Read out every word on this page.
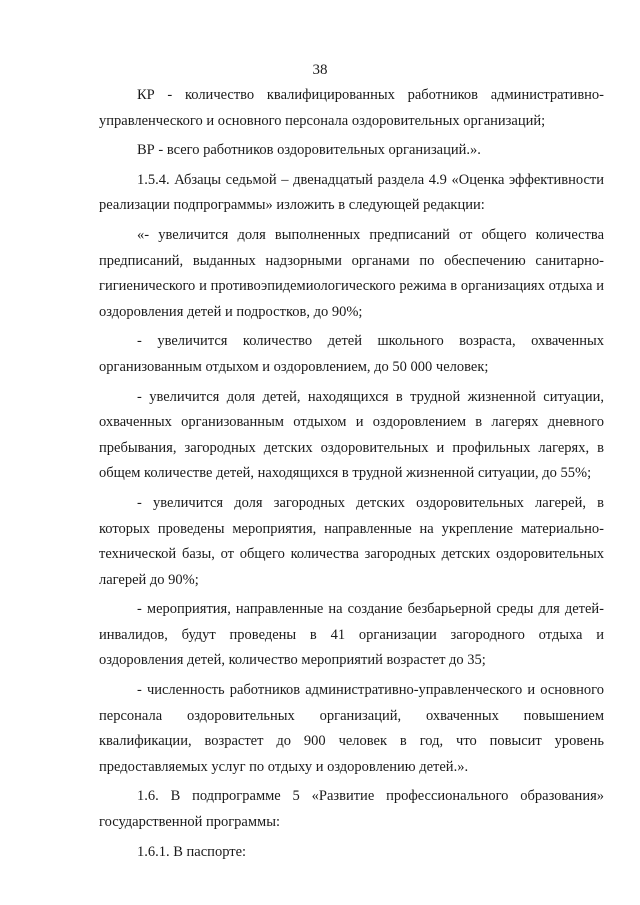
38

КР - количество квалифицированных работников административно-управленческого и основного персонала оздоровительных организаций;

ВР - всего работников оздоровительных организаций.».

1.5.4. Абзацы седьмой – двенадцатый раздела 4.9 «Оценка эффективности реализации подпрограммы» изложить в следующей редакции:

«- увеличится доля выполненных предписаний от общего количества предписаний, выданных надзорными органами по обеспечению санитарно-гигиенического и противоэпидемиологического режима в организациях отдыха и оздоровления детей и подростков, до 90%;

- увеличится количество детей школьного возраста, охваченных организованным отдыхом и оздоровлением, до 50 000 человек;

- увеличится доля детей, находящихся в трудной жизненной ситуации, охваченных организованным отдыхом и оздоровлением в лагерях дневного пребывания, загородных детских оздоровительных и профильных лагерях, в общем количестве детей, находящихся в трудной жизненной ситуации, до 55%;

- увеличится доля загородных детских оздоровительных лагерей, в которых проведены мероприятия, направленные на укрепление материально-технической базы, от общего количества загородных детских оздоровительных лагерей до 90%;

- мероприятия, направленные на создание безбарьерной среды для детей-инвалидов, будут проведены в 41 организации загородного отдыха и оздоровления детей, количество мероприятий возрастет до 35;

- численность работников административно-управленческого и основного персонала оздоровительных организаций, охваченных повышением квалификации, возрастет до 900 человек в год, что повысит уровень предоставляемых услуг по отдыху и оздоровлению детей.».

1.6. В подпрограмме 5 «Развитие профессионального образования» государственной программы:

1.6.1. В паспорте:
